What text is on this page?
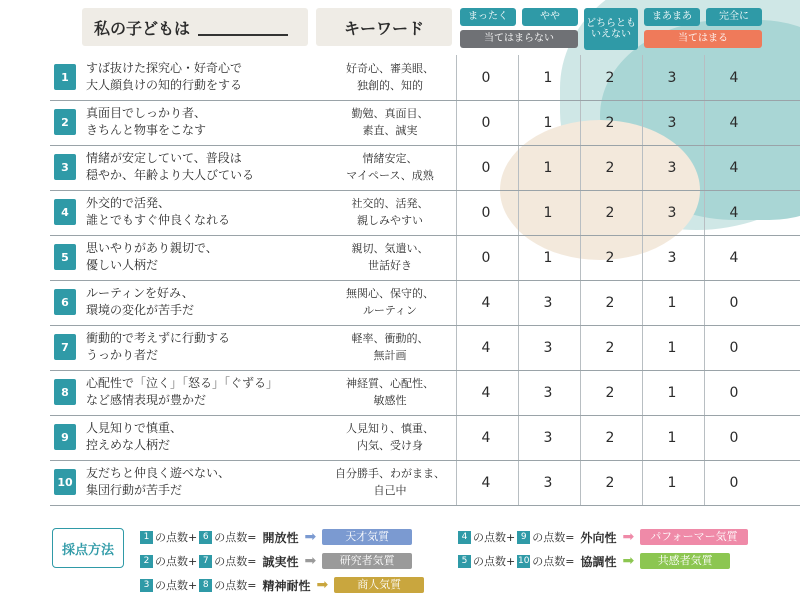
私の子どもは	キーワード
まったく	やや
どちらとも
いえない
まあまあ	完全に
当てはまらない	当てはまる
1
すば抜けた探究心・好奇心で
大人顔負けの知的行動をする
好奇心、審美眼、
独創的、知的	0	1	2	3	4
2
真面目でしっかり者、
きちんと物事をこなす
勤勉、真面目、
素直、誠実	0	1	2	3	4
3
情緒が安定していて、普段は
穏やか、年齢より大人びている
情緒安定、
マイペース、成熟	0	1	2	3	4
4
外交的で活発、
誰とでもすぐ仲良くなれる
社交的、活発、
親しみやすい	0	1	2	3	4
5
思いやりがあり親切で、
優しい人柄だ
親切、気遣い、
世話好き	0	1	2	3	4
6
ルーティンを好み、
環境の変化が苦手だ
無関心、保守的、
ルーティン	4	3	2	1	0
7
衝動的で考えずに行動する
うっかり者だ
軽率、衝動的、
無計画	4	3	2	1	0
8
心配性で「泣く」「怒る」「ぐずる」
など感情表現が豊かだ
神経質、心配性、
敏感性	4	3	2	1	0
9
人見知りで慎重、
控えめな人柄だ
人見知り、慎重、
内気、受け身	4	3	2	1	0
10
友だちと仲良く遊べない、
集団行動が苦手だ
自分勝手、わがまま、
自己中	4	3	2	1	0
採点方法
1 の点数 + 6 の点数 = 開放性 ➡	天才気質
2 の点数 + 7 の点数 = 誠実性 ➡	研究者気質
3 の点数 + 8 の点数 = 精神耐性 ➡	商人気質
4 の点数 + 9 の点数 = 外向性 ➡	パフォーマー気質
5 の点数 + 10 の点数 = 協調性 ➡	共感者気質
